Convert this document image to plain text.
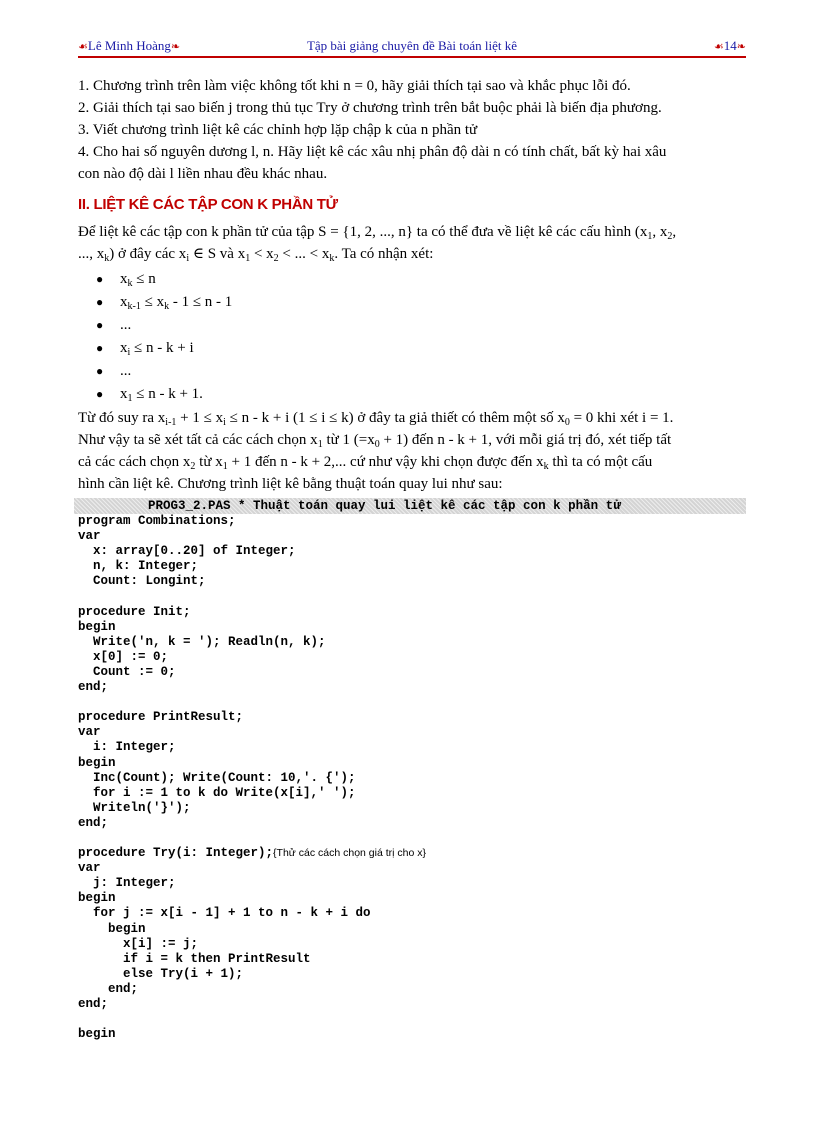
☙Lê Minh Hoàng❧	Tập bài giảng chuyên đề Bài toán liệt kê	☙14❧
1. Chương trình trên làm việc không tốt khi n = 0, hãy giải thích tại sao và khắc phục lỗi đó.
2. Giải thích tại sao biến j trong thủ tục Try ở chương trình trên bắt buộc phải là biến địa phương.
3. Viết chương trình liệt kê các chỉnh hợp lặp chập k của n phần tử
4. Cho hai số nguyên dương l, n. Hãy liệt kê các xâu nhị phân độ dài n có tính chất, bất kỳ hai xâu
con nào độ dài l liền nhau đều khác nhau.
II. LIỆT KÊ CÁC TẬP CON K PHẦN TỬ
Để liệt kê các tập con k phần tử của tập S = {1, 2, ..., n} ta có thể đưa về liệt kê các cấu hình ($x_1$, $x_2$,
..., $x_k$) ở đây các $x_i$ ∈ S và $x_1 < x_2$ < ... < $x_k$. Ta có nhận xét:
● $x_k \le n$
● $x_{k-1} \le x_k - 1 \le n - 1$
● ...
● $x_i \le n - k + i$
● ...
● $x_1 \le n - k + 1$.
Từ đó suy ra $x_{i-1} + 1 \le x_i \le n - k + i$ (1 ≤ i ≤ k) ở đây ta giả thiết có thêm một số $x_0 = 0$ khi xét i = 1.
Như vậy ta sẽ xét tất cả các cách chọn $x_1$ từ 1 $(=x_0 + 1)$ đến n - k + 1, với mỗi giá trị đó, xét tiếp tất
cả các cách chọn $x_2$ từ $x_1 + 1$ đến n - k + 2,... cứ như vậy khi chọn được đến $x_k$ thì ta có một cấu
hình cần liệt kê. Chương trình liệt kê bằng thuật toán quay lui như sau:
PROG3_2.PAS * Thuật toán quay lui liệt kê các tập con k phần tử
program Combinations;
var
x: array[0..20] of Integer;
n, k: Integer;
Count: Longint;

procedure Init;
begin
Write('n, k = '); Readln(n, k);
x[0] := 0;
Count := 0;
end;

procedure PrintResult;
var
i: Integer;
begin
Inc(Count); Write(Count: 10,'. {');
for i := 1 to k do Write(x[i],' ');
Writeln('}');
end;

procedure Try(i: Integer);{Thử các cách chọn giá trị cho x}
var
j: Integer;
begin
for j := x[i - 1] + 1 to n - k + i do
begin
x[i] := j;
if i = k then PrintResult
else Try(i + 1);
end;
end;

begin
